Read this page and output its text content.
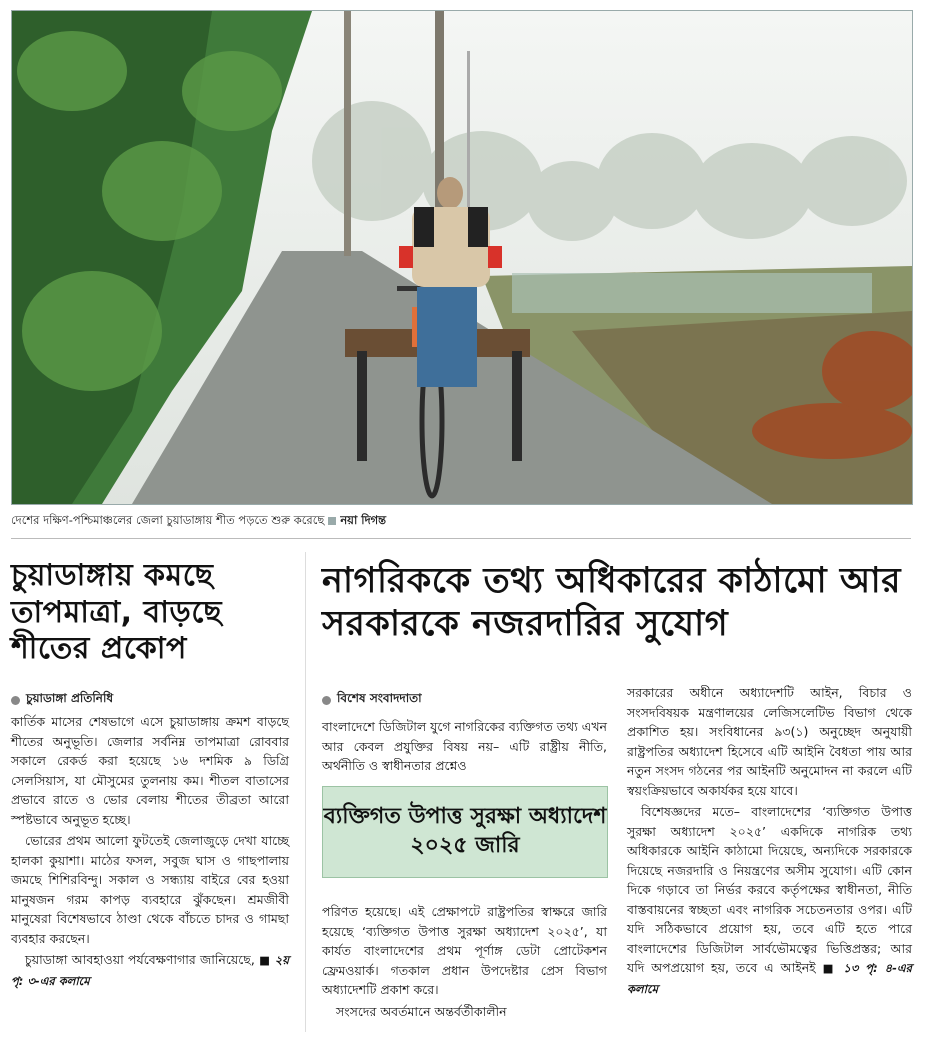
দেশের দক্ষিণ-পশ্চিমাঞ্চলের জেলা চুয়াডাঙ্গায় শীত পড়তে শুরু করেছে নয়া দিগন্ত
চুয়াডাঙ্গায় কমছে তাপমাত্রা, বাড়ছে শীতের প্রকোপ
চুয়াডাঙ্গা প্রতিনিধি

কার্তিক মাসের শেষভাগে এসে চুয়াডাঙ্গায় ক্রমশ বাড়ছে শীতের অনুভূতি। জেলার সর্বনিম্ন তাপমাত্রা রোববার সকালে রেকর্ড করা হয়েছে ১৬ দশমিক ৯ ডিগ্রি সেলসিয়াস, যা মৌসুমের তুলনায় কম। শীতল বাতাসের প্রভাবে রাতে ও ভোর বেলায় শীতের তীব্রতা আরো স্পষ্টভাবে অনুভূত হচ্ছে।

ভোরের প্রথম আলো ফুটতেই জেলাজুড়ে দেখা যাচ্ছে হালকা কুয়াশা। মাঠের ফসল, সবুজ ঘাস ও গাছপালায় জমছে শিশিরবিন্দু। সকাল ও সন্ধ্যায় বাইরে বের হওয়া মানুষজন গরম কাপড় ব্যবহারে ঝুঁকছেন। শ্রমজীবী মানুষেরা বিশেষভাবে ঠাণ্ডা থেকে বাঁচতে চাদর ও গামছা ব্যবহার করছেন।

চুয়াডাঙ্গা আবহাওয়া পর্যবেক্ষণাগার জানিয়েছে, ■ ২য় পৃ: ৩-এর কলামে

নাগরিককে তথ্য অধিকারের কাঠামো আর সরকারকে নজরদারির সুযোগ
বিশেষ সংবাদদাতা

বাংলাদেশে ডিজিটাল যুগে নাগরিকের ব্যক্তিগত তথ্য এখন আর কেবল প্রযুক্তির বিষয় নয়– এটি রাষ্ট্রীয় নীতি, অর্থনীতি ও স্বাধীনতার প্রশ্নেও

ব্যক্তিগত উপাত্ত সুরক্ষা অধ্যাদেশ ২০২৫ জারি

পরিণত হয়েছে। এই প্রেক্ষাপটে রাষ্ট্রপতির স্বাক্ষরে জারি হয়েছে ‘ব্যক্তিগত উপাত্ত সুরক্ষা অধ্যাদেশ ২০২৫’, যা কার্যত বাংলাদেশের প্রথম পূর্ণাঙ্গ ডেটা প্রোটেকশন ফ্রেমওয়ার্ক। গতকাল প্রধান উপদেষ্টার প্রেস বিভাগ অধ্যাদেশটি প্রকাশ করে।

সংসদের অবর্তমানে অন্তর্বর্তীকালীন

সরকারের অধীনে অধ্যাদেশটি আইন, বিচার ও সংসদবিষয়ক মন্ত্রণালয়ের লেজিসলেটিভ বিভাগ থেকে প্রকাশিত হয়। সংবিধানের ৯৩(১) অনুচ্ছেদ অনুযায়ী রাষ্ট্রপতির অধ্যাদেশ হিসেবে এটি আইনি বৈধতা পায় আর নতুন সংসদ গঠনের পর আইনটি অনুমোদন না করলে এটি স্বয়ংক্রিয়ভাবে অকার্যকর হয়ে যাবে।

বিশেষজ্ঞদের মতে– বাংলাদেশের ‘ব্যক্তিগত উপাত্ত সুরক্ষা অধ্যাদেশ ২০২৫’ একদিকে নাগরিক তথ্য অধিকারকে আইনি কাঠামো দিয়েছে, অন্যদিকে সরকারকে দিয়েছে নজরদারি ও নিয়ন্ত্রণের অসীম সুযোগ। এটি কোন দিকে গড়াবে তা নির্ভর করবে কর্তৃপক্ষের স্বাধীনতা, নীতি বাস্তবায়নের স্বচ্ছতা এবং নাগরিক সচেতনতার ওপর। এটি যদি সঠিকভাবে প্রয়োগ হয়, তবে এটি হতে পারে বাংলাদেশের ডিজিটাল সার্বভৌমত্বের ভিত্তিপ্রস্তর; আর যদি অপপ্রয়োগ হয়, তবে এ আইনই ■ ১৩ পৃ: ৪-এর কলামে
